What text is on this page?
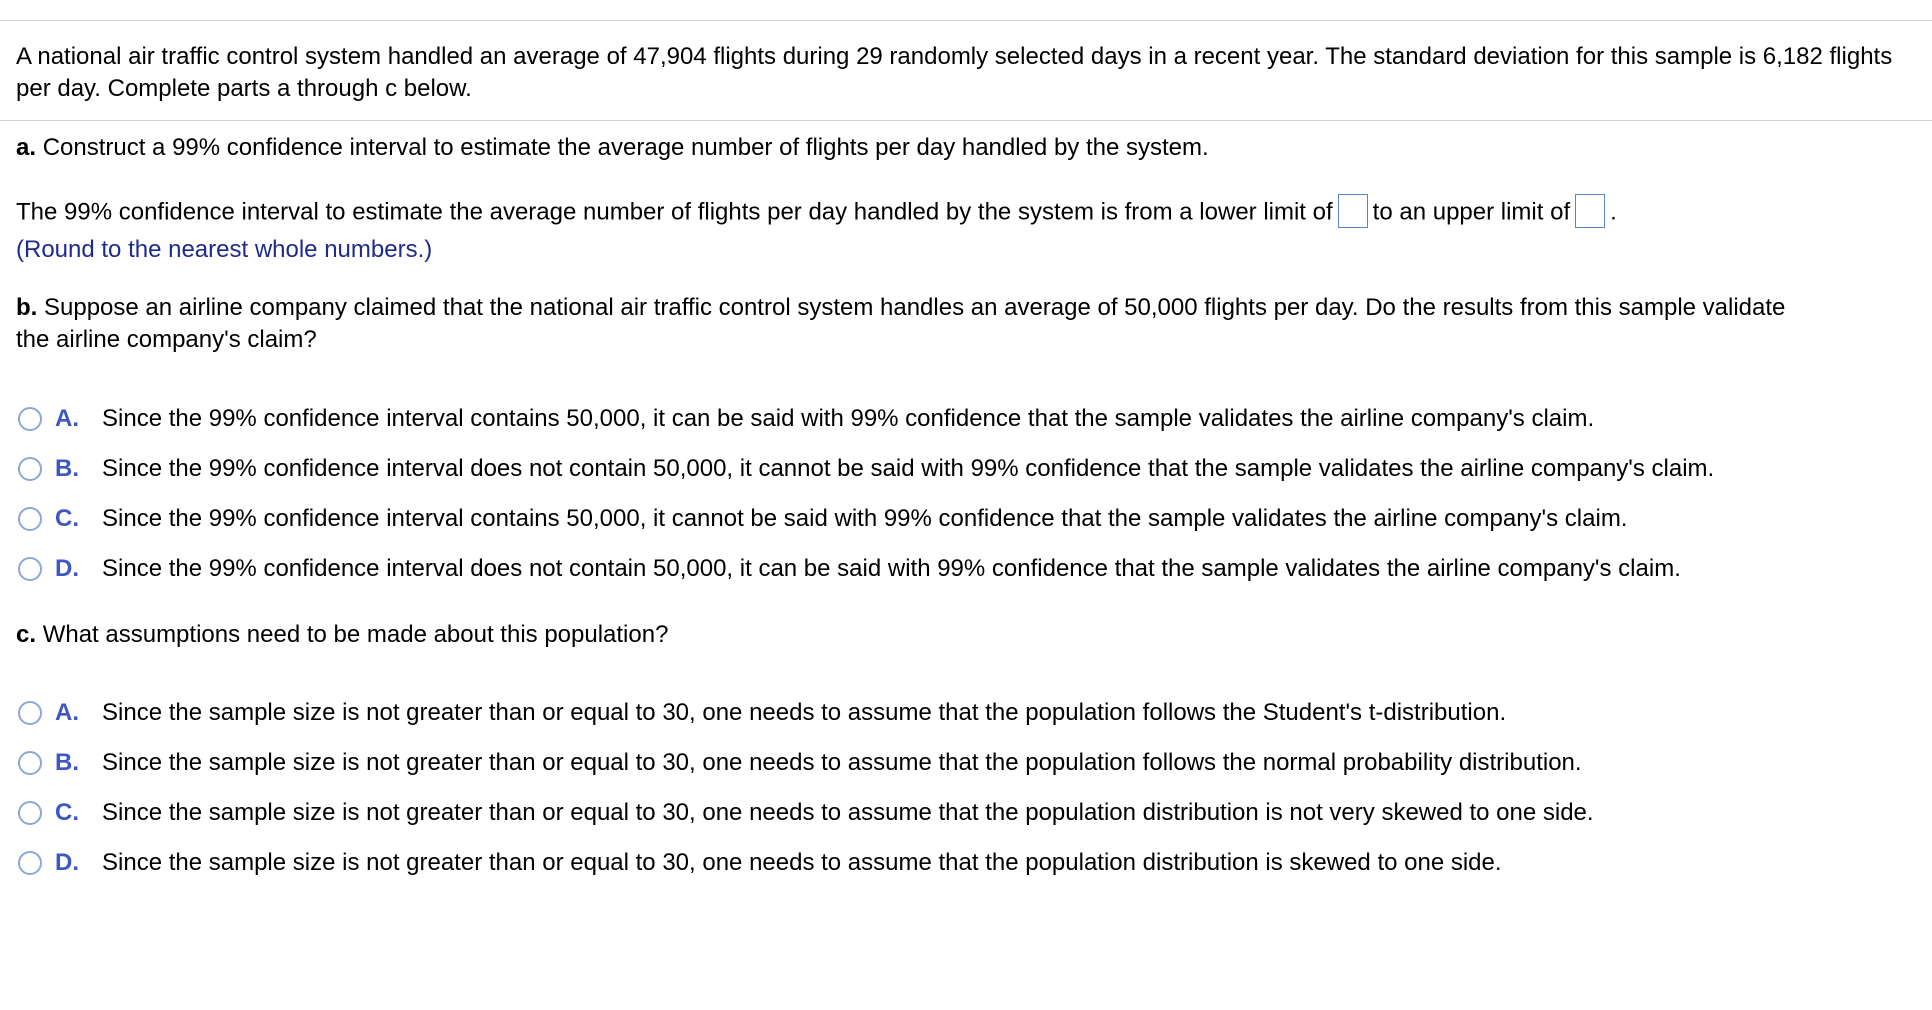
A national air traffic control system handled an average of 47,904 flights during 29 randomly selected days in a recent year. The standard deviation for this sample is 6,182 flights per day. Complete parts a through c below.
a. Construct a 99% confidence interval to estimate the average number of flights per day handled by the system.
The 99% confidence interval to estimate the average number of flights per day handled by the system is from a lower limit of to an upper limit of .
(Round to the nearest whole numbers.)
b. Suppose an airline company claimed that the national air traffic control system handles an average of 50,000 flights per day. Do the results from this sample validate
the airline company's claim?
A. Since the 99% confidence interval contains 50,000, it can be said with 99% confidence that the sample validates the airline company's claim.
B. Since the 99% confidence interval does not contain 50,000, it cannot be said with 99% confidence that the sample validates the airline company's claim.
C. Since the 99% confidence interval contains 50,000, it cannot be said with 99% confidence that the sample validates the airline company's claim.
D. Since the 99% confidence interval does not contain 50,000, it can be said with 99% confidence that the sample validates the airline company's claim.
c. What assumptions need to be made about this population?
A. Since the sample size is not greater than or equal to 30, one needs to assume that the population follows the Student's t-distribution.
B. Since the sample size is not greater than or equal to 30, one needs to assume that the population follows the normal probability distribution.
C. Since the sample size is not greater than or equal to 30, one needs to assume that the population distribution is not very skewed to one side.
D. Since the sample size is not greater than or equal to 30, one needs to assume that the population distribution is skewed to one side.
